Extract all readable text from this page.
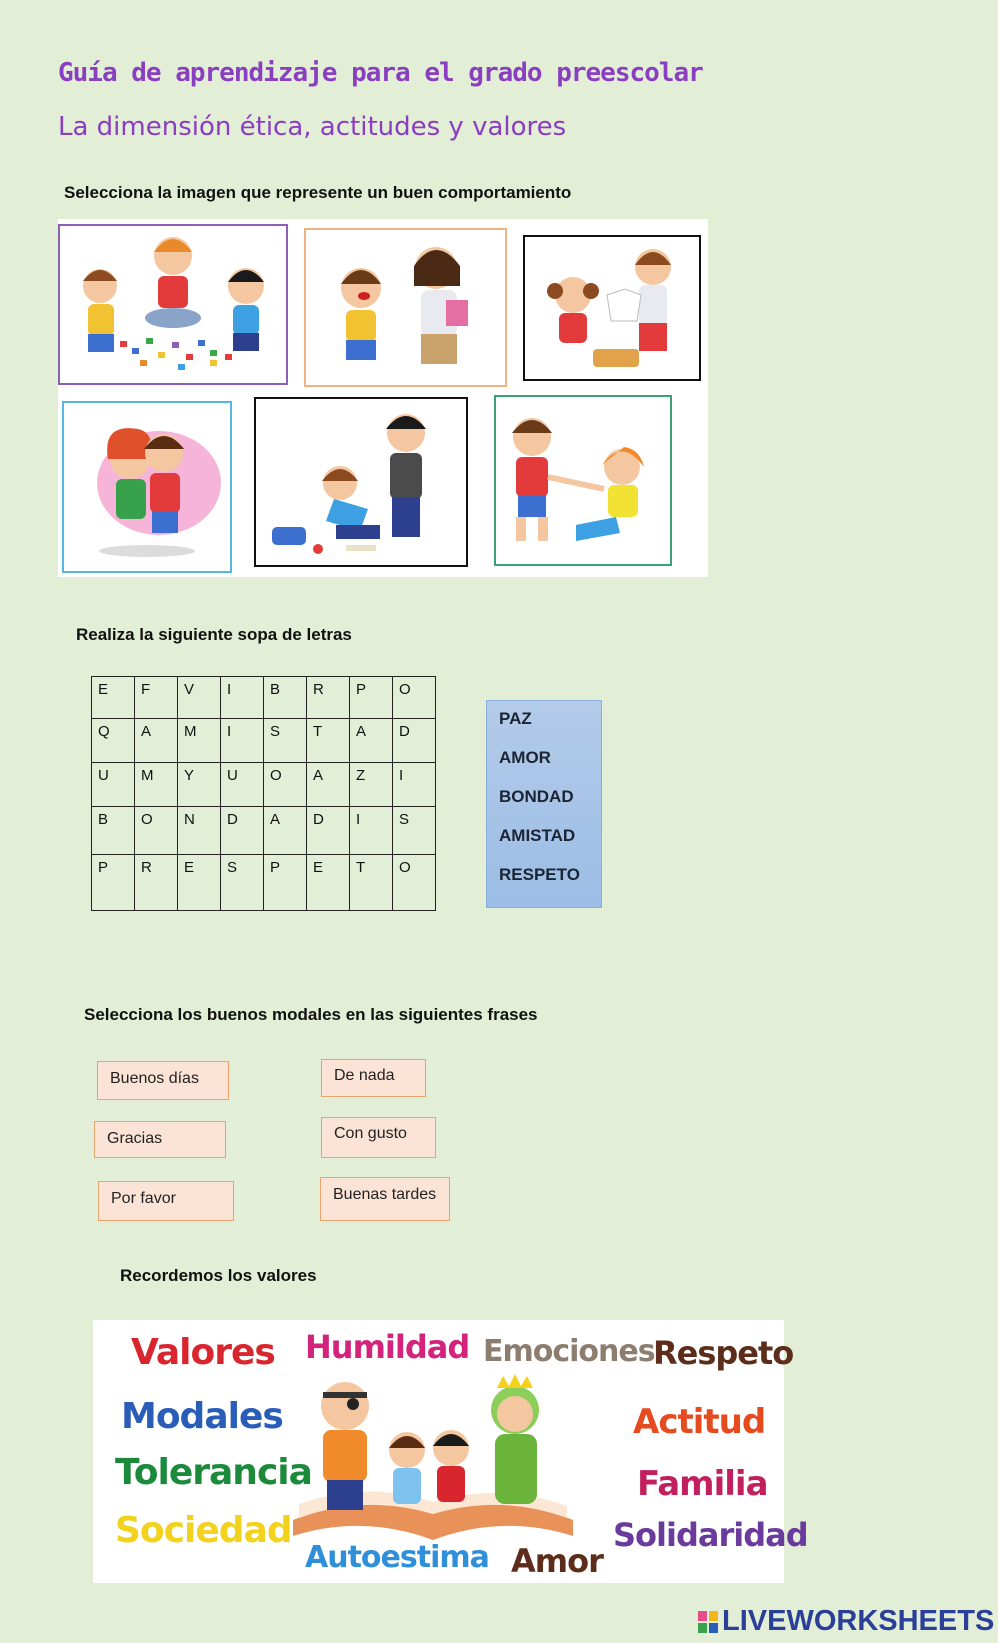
Guía de aprendizaje para el grado preescolar
La dimensión ética, actitudes y valores
Selecciona la imagen que represente un buen comportamiento
Realiza la siguiente sopa de letras
E	F	V	I	B	R	P	O
Q	A	M	I	S	T	A	D
U	M	Y	U	O	A	Z	I
B	O	N	D	A	D	I	S
P	R	E	S	P	E	T	O
PAZ
AMOR
BONDAD
AMISTAD
RESPETO
Selecciona los buenos modales en las siguientes frases
Buenos días
Gracias
Por favor
De nada
Con gusto
Buenas tardes
Recordemos los valores
Valores Humildad Emociones
Respeto
Modales	Actitud
Tolerancia	Familia
Sociedad	Solidaridad
Autoestima Amor
LIVEWORKSHEETS
